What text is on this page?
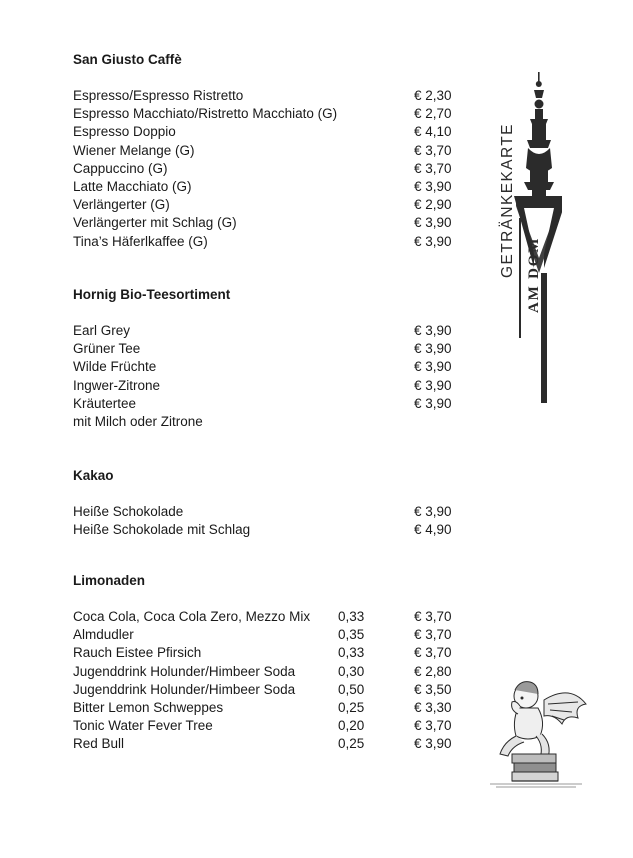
San Giusto Caffè
Espresso/Espresso Ristretto	€ 2,30
Espresso Macchiato/Ristretto Macchiato (G)	€ 2,70
Espresso Doppio	€ 4,10
Wiener Melange (G)	€ 3,70
Cappuccino (G)	€ 3,70
Latte Macchiato (G)	€ 3,90
Verlängerter (G)	€ 2,90
Verlängerter mit Schlag (G)	€ 3,90
Tina’s Häferlkaffee (G)	€ 3,90
Hornig Bio-Teesortiment
Earl Grey	€ 3,90
Grüner Tee	€ 3,90
Wilde Früchte	€ 3,90
Ingwer-Zitrone	€ 3,90
Kräutertee	€ 3,90
mit Milch oder Zitrone
Kakao
Heiße Schokolade	€ 3,90
Heiße Schokolade mit Schlag	€ 4,90
Limonaden
Coca Cola, Coca Cola Zero, Mezzo Mix 0,33	€ 3,70
Almdudler	0,35	€ 3,70
Rauch Eistee Pfirsich	0,33	€ 3,70
Jugenddrink Holunder/Himbeer Soda	0,30	€ 2,80
Jugenddrink Holunder/Himbeer Soda	0,50	€ 3,50
Bitter Lemon Schweppes	0,25	€ 3,30
Tonic Water Fever Tree	0,20	€ 3,70
Red Bull	0,25	€ 3,90
GETRÄNKEKARTE AM DOM
